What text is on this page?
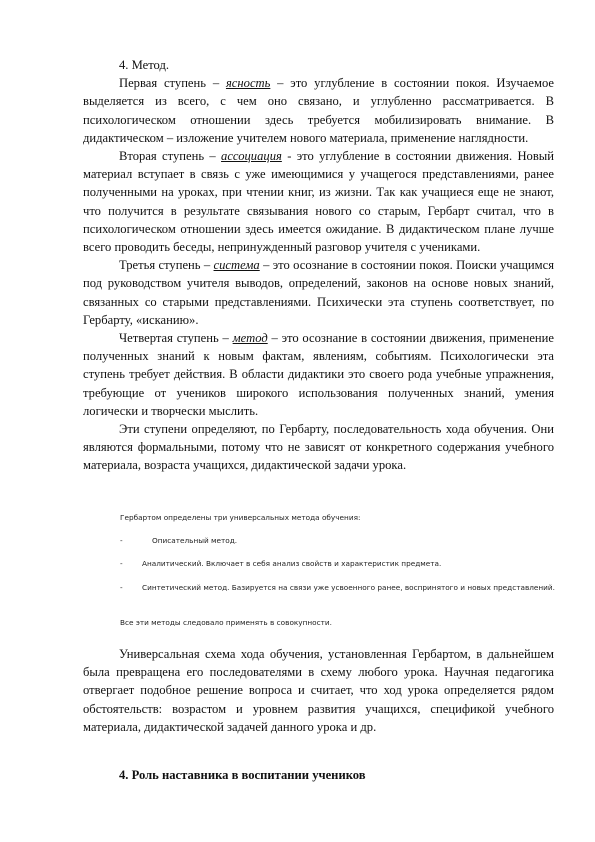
4. Метод.

Первая ступень – ясность – это углубление в состоянии покоя. Изучаемое выделяется из всего, с чем оно связано, и углубленно рассматривается. В психологическом отношении здесь требуется мобилизировать внимание. В дидактическом – изложение учителем нового материала, применение наглядности.

Вторая ступень – ассоциация - это углубление в состоянии движения. Новый материал вступает в связь с уже имеющимися у учащегося представлениями, ранее полученными на уроках, при чтении книг, из жизни. Так как учащиеся еще не знают, что получится в результате связывания нового со старым, Гербарт считал, что в психологическом отношении здесь имеется ожидание. В дидактическом плане лучше всего проводить беседы, непринужденный разговор учителя с учениками.

Третья ступень – система – это осознание в состоянии покоя. Поиски учащимся под руководством учителя выводов, определений, законов на основе новых знаний, связанных со старыми представлениями. Психически эта ступень соответствует, по Гербарту, «исканию».

Четвертая ступень – метод – это осознание в состоянии движения, применение полученных знаний к новым фактам, явлениям, событиям. Психологически эта ступень требует действия. В области дидактики это своего рода учебные упражнения, требующие от учеников широкого использования полученных знаний, умения логически и творчески мыслить.

Эти ступени определяют, по Гербарту, последовательность хода обучения. Они являются формальными, потому что не зависят от конкретного содержания учебного материала, возраста учащихся, дидактической задачи урока.

Гербартом определены три универсальных метода обучения:

-	Описательный метод.

-	Аналитический. Включает в себя анализ свойств и характеристик предмета.

-	Синтетический метод. Базируется на связи уже усвоенного ранее, воспринятого и новых представлений.

Все эти методы следовало применять в совокупности.

Универсальная схема хода обучения, установленная Гербартом, в дальнейшем была превращена его последователями в схему любого урока. Научная педагогика отвергает подобное решение вопроса и считает, что ход урока определяется рядом обстоятельств: возрастом и уровнем развития учащихся, спецификой учебного материала, дидактической задачей данного урока и др.

4. Роль наставника в воспитании учеников
